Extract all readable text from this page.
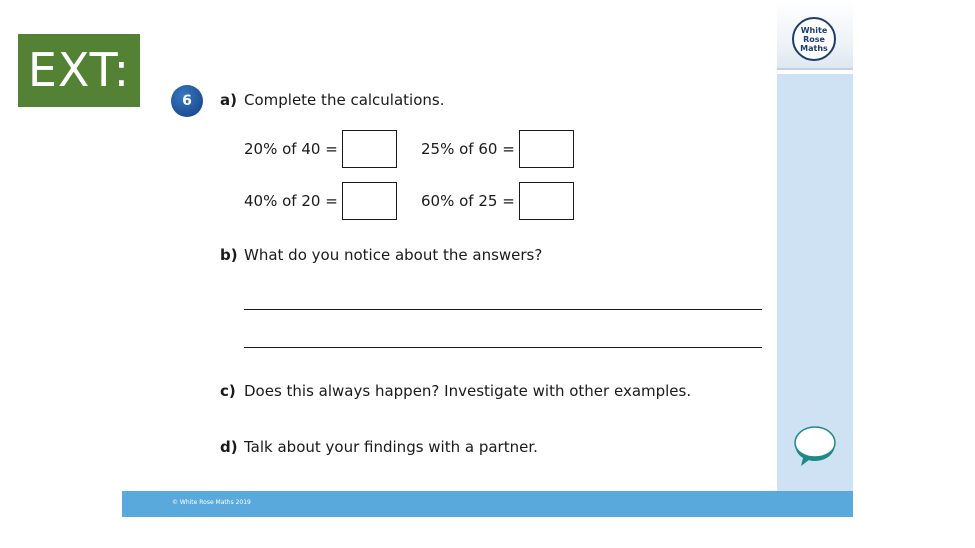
EXT:
White
Rose
Maths
6	a) Complete the calculations.
20% of 40 =	25% of 60 =
40% of 20 =	60% of 25 =
b) What do you notice about the answers?
c) Does this always happen? Investigate with other examples.
d) Talk about your findings with a partner.
© White Rose Maths 2019
